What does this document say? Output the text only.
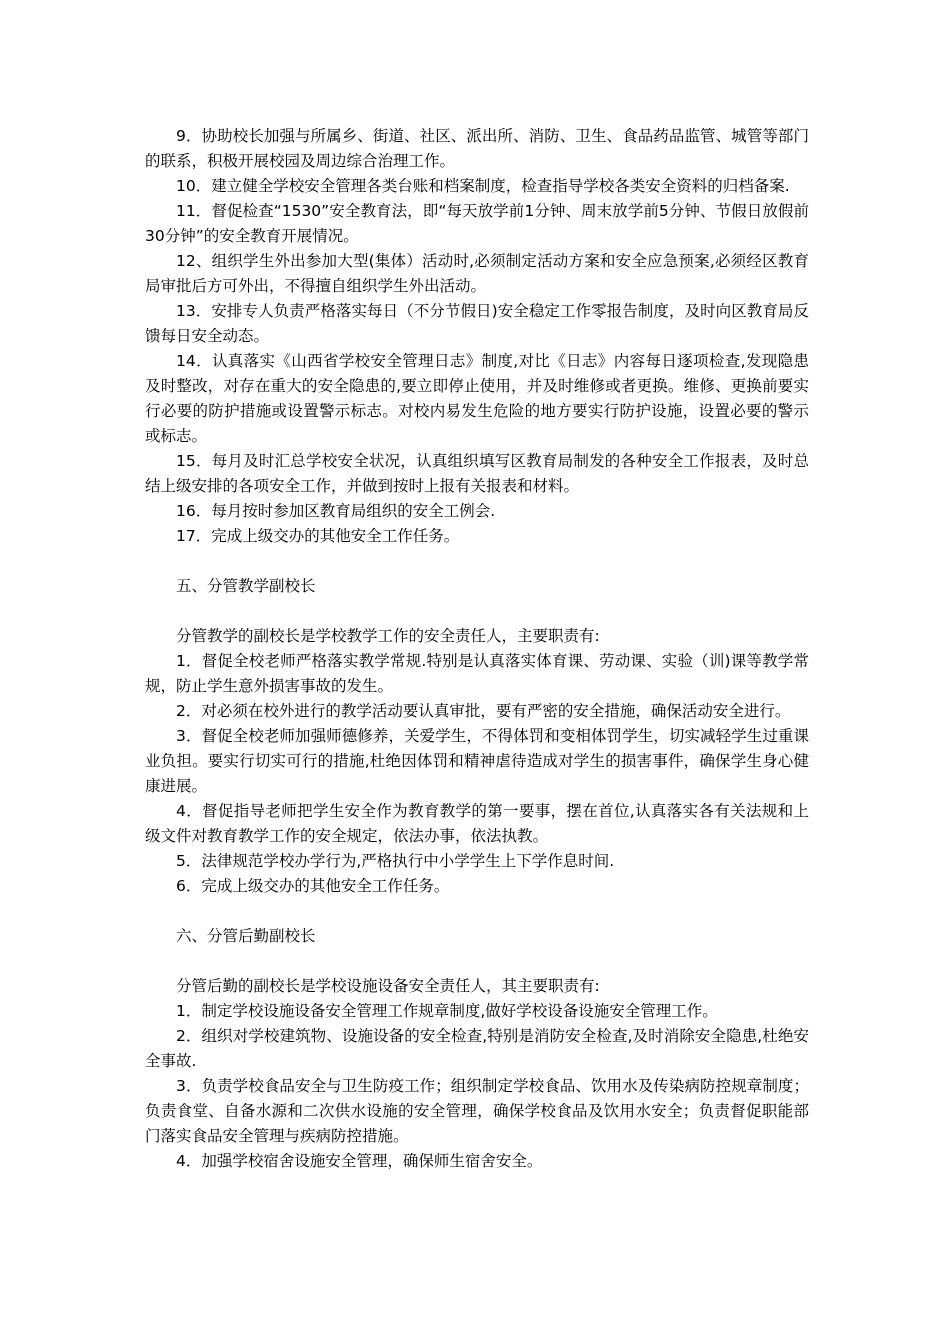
9．协助校长加强与所属乡、街道、社区、派出所、消防、卫生、食品药品监管、城管等部门的联系，积极开展校园及周边综合治理工作。

10．建立健全学校安全管理各类台账和档案制度，检查指导学校各类安全资料的归档备案.

11．督促检查“1530”安全教育法，即“每天放学前1分钟、周末放学前5分钟、节假日放假前30分钟”的安全教育开展情况。

12、组织学生外出参加大型(集体）活动时,必须制定活动方案和安全应急预案,必须经区教育局审批后方可外出，不得擅自组织学生外出活动。

13．安排专人负责严格落实每日（不分节假日)安全稳定工作零报告制度，及时向区教育局反馈每日安全动态。

14．认真落实《山西省学校安全管理日志》制度,对比《日志》内容每日逐项检查,发现隐患及时整改，对存在重大的安全隐患的,要立即停止使用，并及时维修或者更换。维修、更换前要实行必要的防护措施或设置警示标志。对校内易发生危险的地方要实行防护设施，设置必要的警示或标志。

15．每月及时汇总学校安全状况，认真组织填写区教育局制发的各种安全工作报表，及时总结上级安排的各项安全工作，并做到按时上报有关报表和材料。

16．每月按时参加区教育局组织的安全工例会.

17．完成上级交办的其他安全工作任务。

五、分管教学副校长

分管教学的副校长是学校教学工作的安全责任人，主要职责有:

1．督促全校老师严格落实教学常规.特别是认真落实体育课、劳动课、实验（训)课等教学常规，防止学生意外损害事故的发生。

2．对必须在校外进行的教学活动要认真审批，要有严密的安全措施，确保活动安全进行。

3．督促全校老师加强师德修养，关爱学生，不得体罚和变相体罚学生，切实减轻学生过重课业负担。要实行切实可行的措施,杜绝因体罚和精神虐待造成对学生的损害事件，确保学生身心健康进展。

4．督促指导老师把学生安全作为教育教学的第一要事，摆在首位,认真落实各有关法规和上级文件对教育教学工作的安全规定，依法办事，依法执教。

5．法律规范学校办学行为,严格执行中小学学生上下学作息时间.

6．完成上级交办的其他安全工作任务。

六、分管后勤副校长

分管后勤的副校长是学校设施设备安全责任人，其主要职责有:

1．制定学校设施设备安全管理工作规章制度,做好学校设备设施安全管理工作。

2．组织对学校建筑物、设施设备的安全检查,特别是消防安全检查,及时消除安全隐患,杜绝安全事故.

3．负责学校食品安全与卫生防疫工作；组织制定学校食品、饮用水及传染病防控规章制度；负责食堂、自备水源和二次供水设施的安全管理，确保学校食品及饮用水安全；负责督促职能部门落实食品安全管理与疾病防控措施。

4．加强学校宿舍设施安全管理，确保师生宿舍安全。
